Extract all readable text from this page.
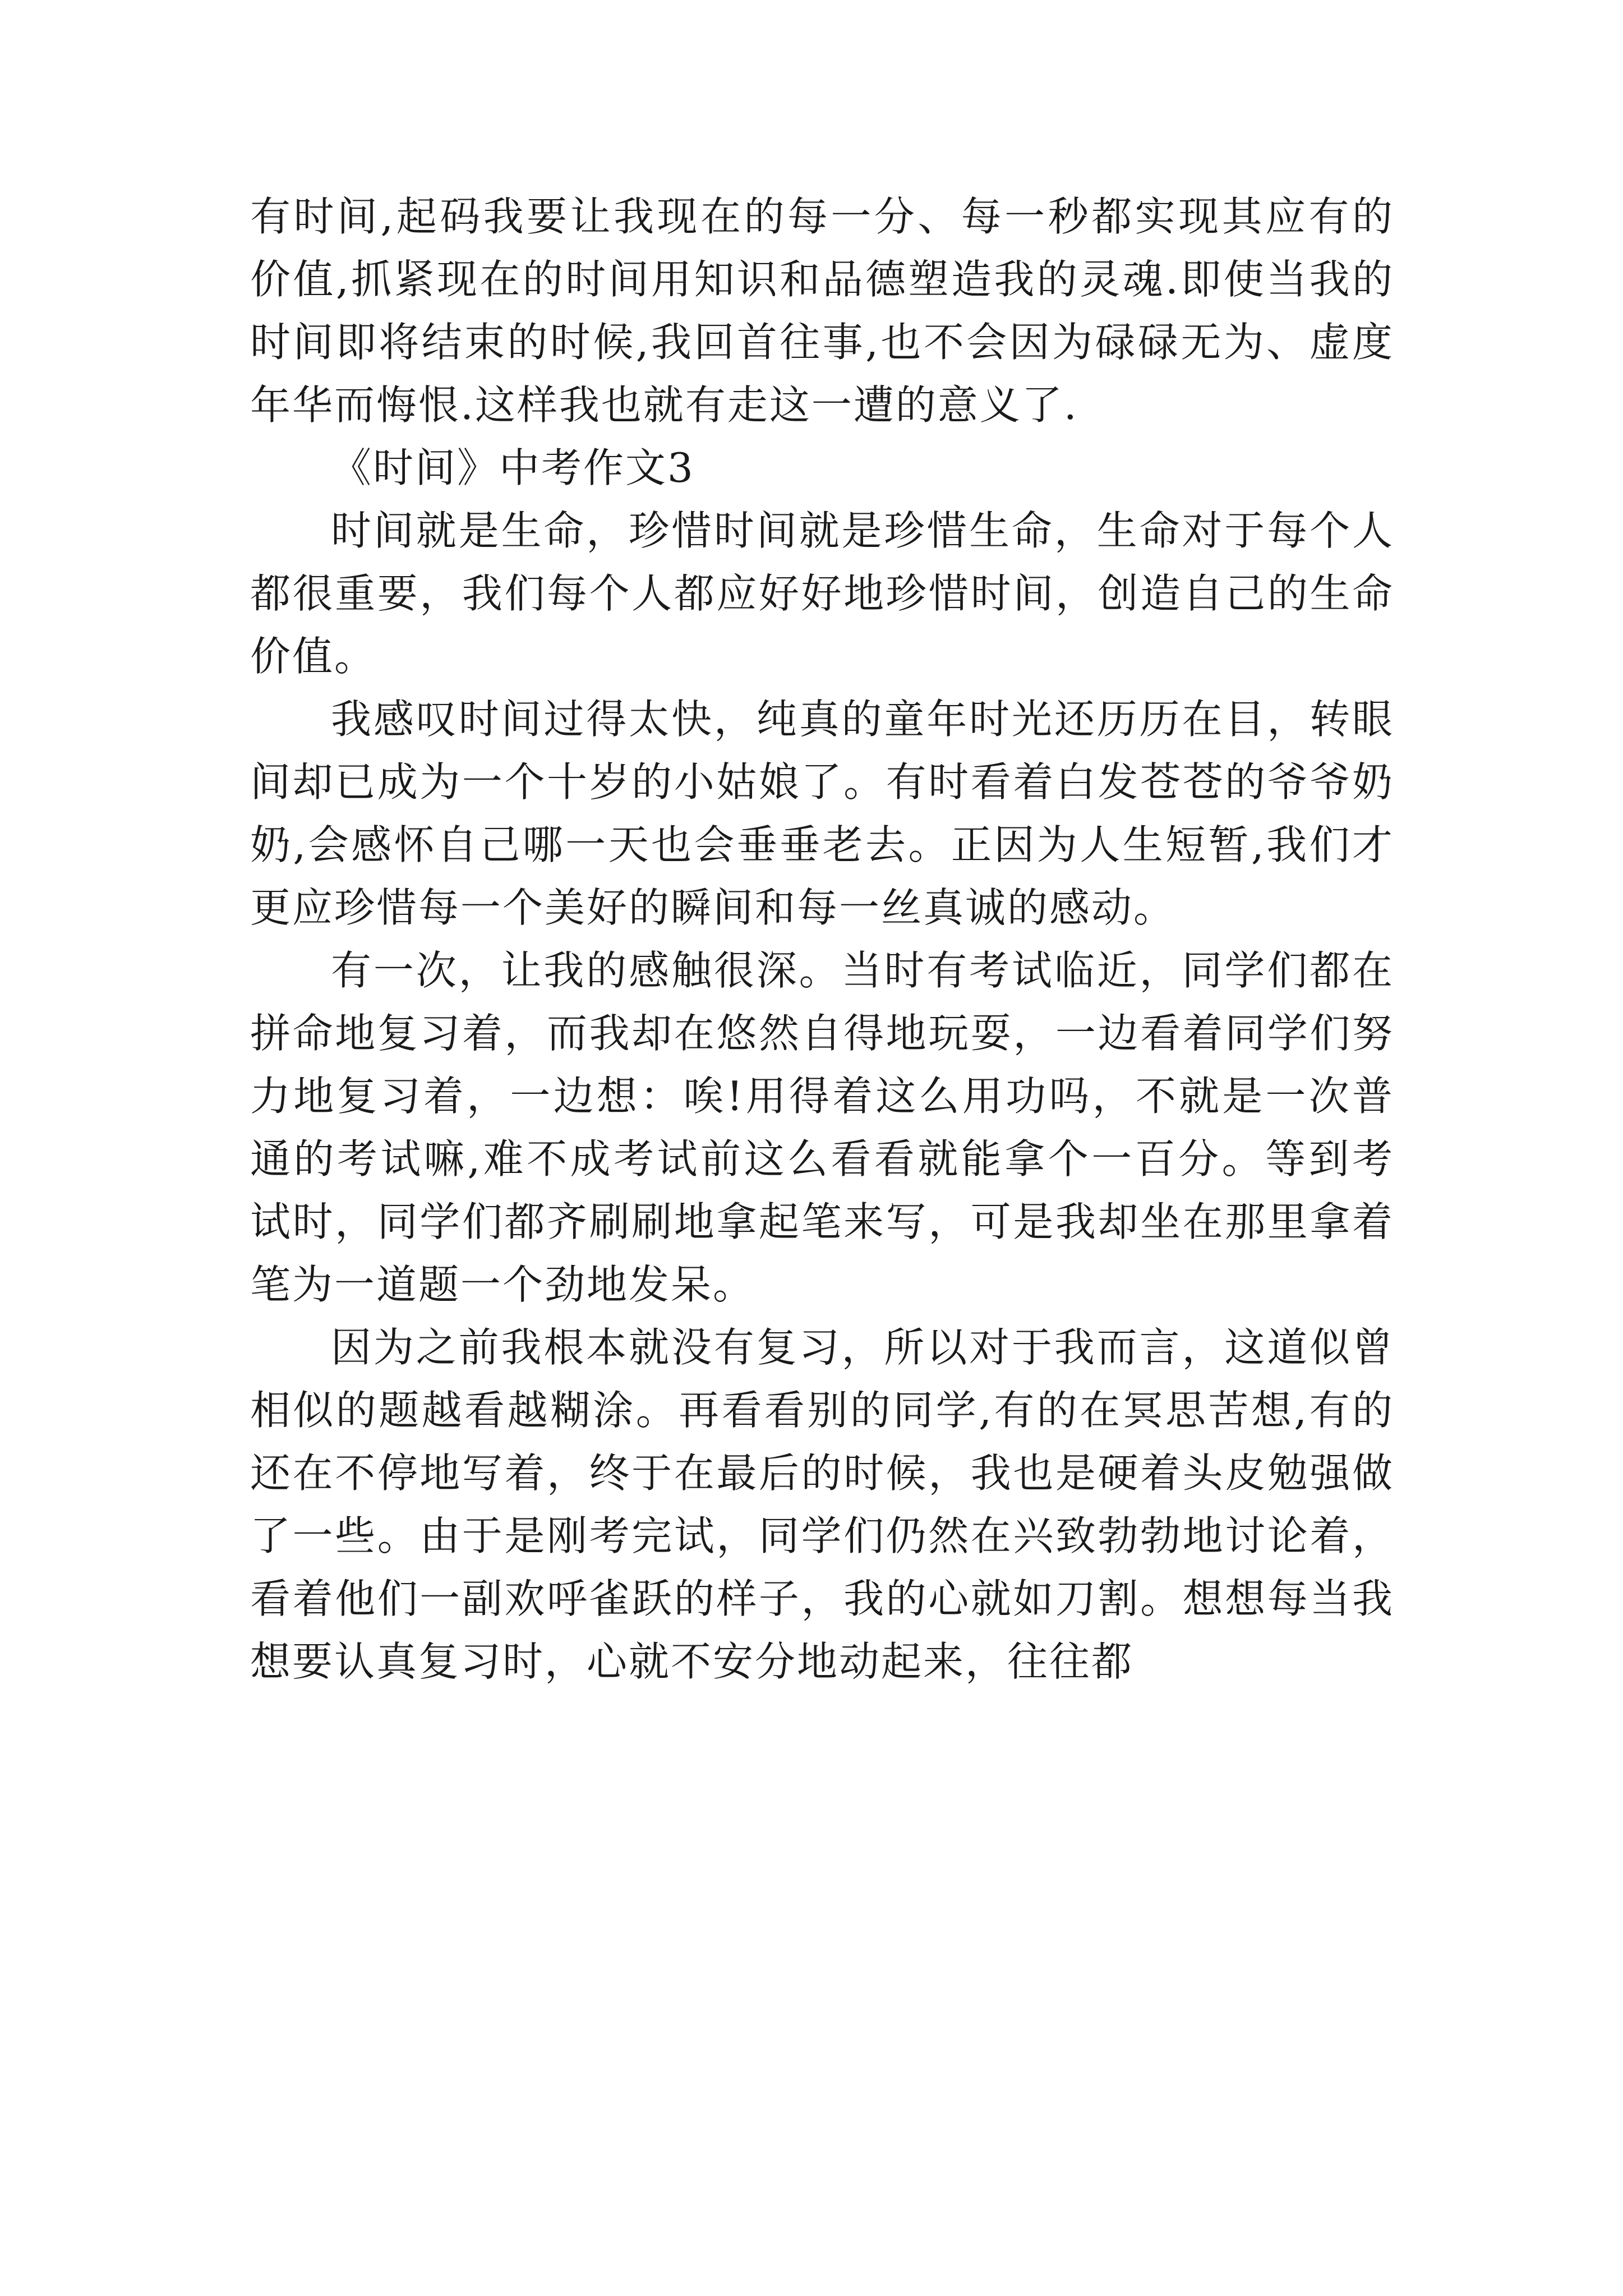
有时间,起码我要让我现在的每一分、每一秒都实现其应有的价值,抓紧现在的时间用知识和品德塑造我的灵魂.即使当我的时间即将结束的时候,我回首往事,也不会因为碌碌无为、虚度年华而悔恨.这样我也就有走这一遭的意义了.

《时间》中考作文3

时间就是生命，珍惜时间就是珍惜生命，生命对于每个人都很重要，我们每个人都应好好地珍惜时间，创造自己的生命价值。

我感叹时间过得太快，纯真的童年时光还历历在目，转眼间却已成为一个十岁的小姑娘了。有时看着白发苍苍的爷爷奶奶,会感怀自己哪一天也会垂垂老去。正因为人生短暂,我们才更应珍惜每一个美好的瞬间和每一丝真诚的感动。

有一次，让我的感触很深。当时有考试临近，同学们都在拼命地复习着，而我却在悠然自得地玩耍，一边看着同学们努力地复习着，一边想：唉!用得着这么用功吗，不就是一次普通的考试嘛,难不成考试前这么看看就能拿个一百分。等到考试时，同学们都齐刷刷地拿起笔来写，可是我却坐在那里拿着笔为一道题一个劲地发呆。

因为之前我根本就没有复习，所以对于我而言，这道似曾相似的题越看越糊涂。再看看别的同学,有的在冥思苦想,有的还在不停地写着，终于在最后的时候，我也是硬着头皮勉强做了一些。由于是刚考完试，同学们仍然在兴致勃勃地讨论着，看着他们一副欢呼雀跃的样子，我的心就如刀割。想想每当我想要认真复习时，心就不安分地动起来，往往都
